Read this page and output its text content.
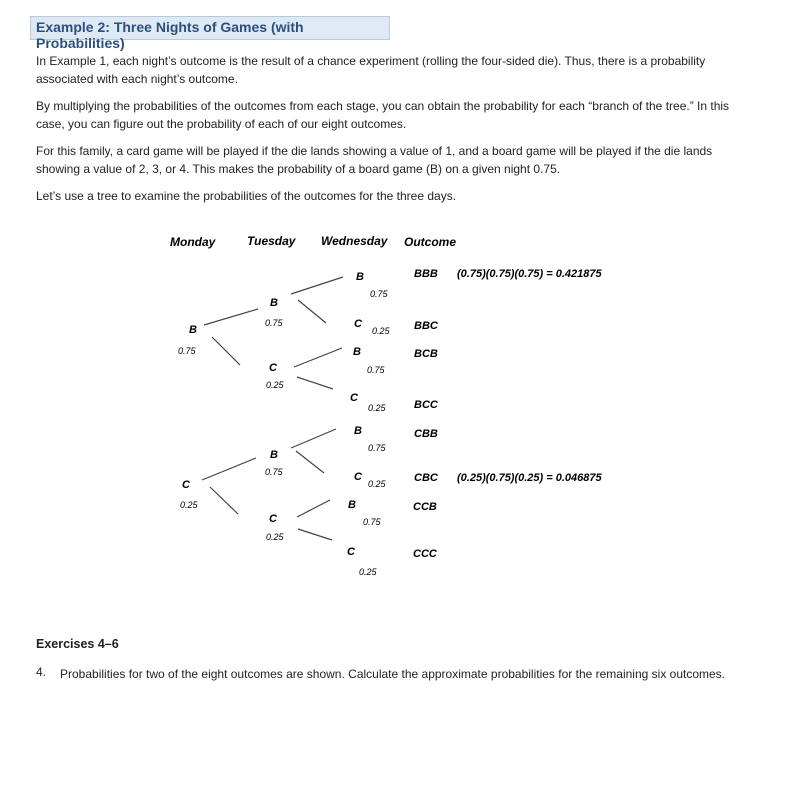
Example 2: Three Nights of Games (with Probabilities)

In Example 1, each night’s outcome is the result of a chance experiment (rolling the four-sided die). Thus, there is a probability associated with each night’s outcome.

By multiplying the probabilities of the outcomes from each stage, you can obtain the probability for each “branch of the tree.” In this case, you can figure out the probability of each of our eight outcomes.

For this family, a card game will be played if the die lands showing a value of 1, and a board game will be played if the die lands showing a value of 2, 3, or 4. This makes the probability of a board game (B) on a given night 0.75.

Let’s use a tree to examine the probabilities of the outcomes for the three days.

Monday	Tuesday Wednesday Outcome
B
C
0.75
0.25
B
C
B
C
0.75
0.25
0.75
0.25
B
C
B
C
B
C
B
C
0.75
0.25
0.75
0.25
0.75
0.25
0.75
0.25
BBB
BBC
BCB
BCC
CBB
CBC
CCB
CCC
(0.75)(0.75)(0.75) = 0.421875
(0.25)(0.75)(0.25) = 0.046875
Exercises 4–6
4. Probabilities for two of the eight outcomes are shown. Calculate the approximate probabilities for the remaining six outcomes.
